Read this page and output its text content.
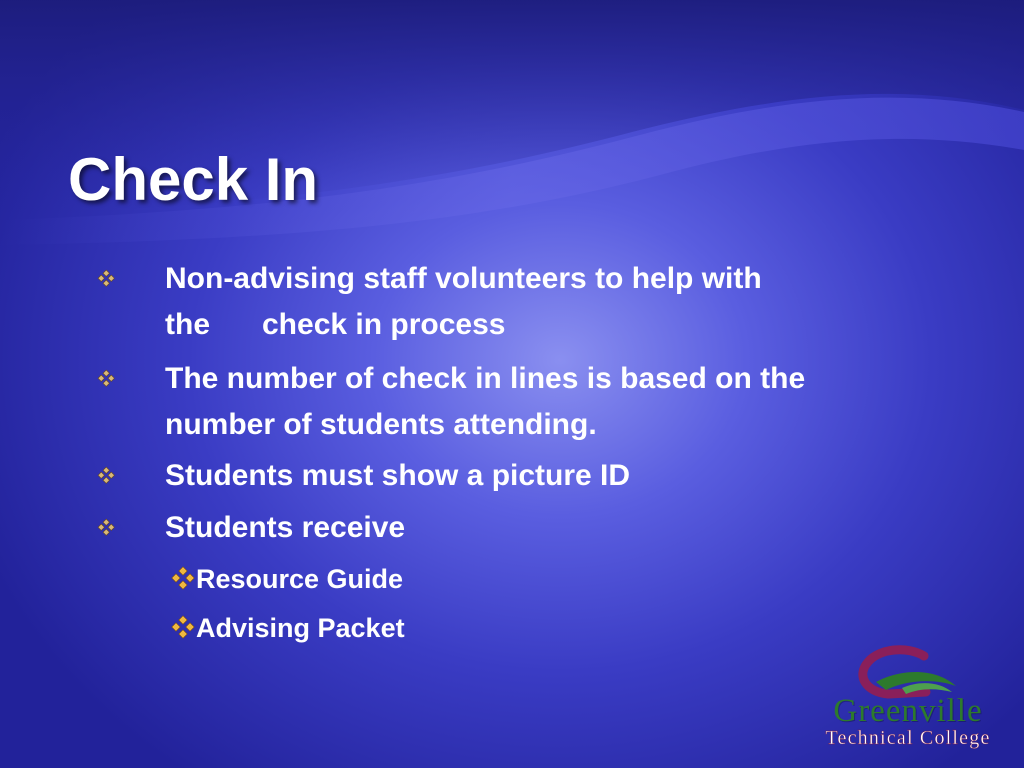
Check In
Non-advising staff volunteers to help with
the check in process
The number of check in lines is based on the
number of students attending.
Students must show a picture ID
Students receive
Resource Guide
Advising Packet
Greenville
Technical College
